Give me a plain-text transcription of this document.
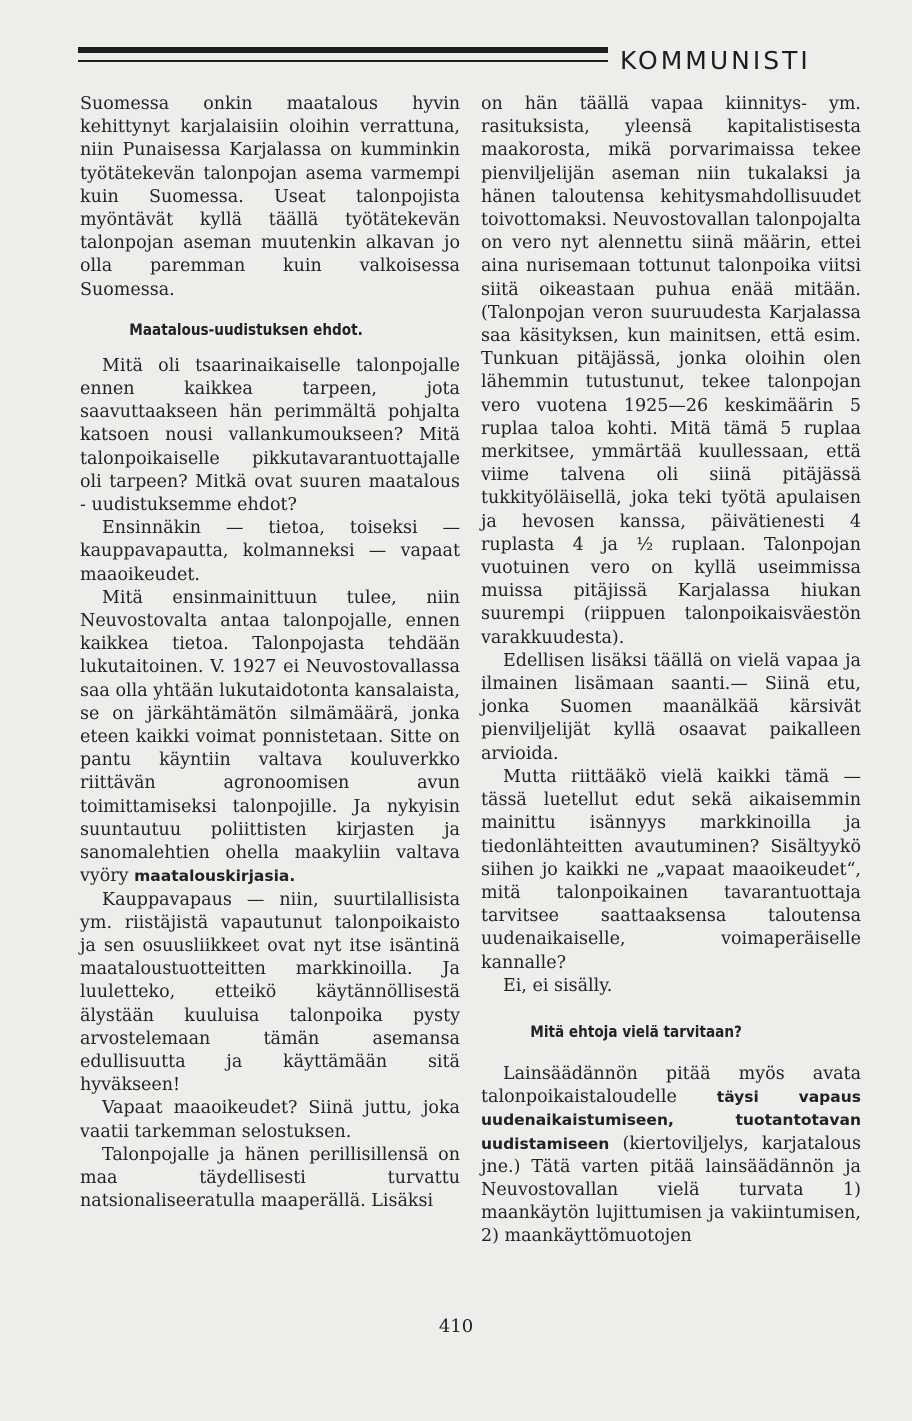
KOMMUNISTI

Suomessa onkin maatalous hyvin kehittynyt karjalaisiin oloihin verrattuna, niin Punaisessa Karjalassa on kumminkin työtätekevän talonpojan asema varmempi kuin Suomessa. Useat talonpojista myöntävät kyllä täällä työtätekevän talonpojan aseman muutenkin alkavan jo olla paremman kuin valkoisessa Suomessa.

Maatalous-uudistuksen ehdot.

Mitä oli tsaarinaikaiselle talonpojalle ennen kaikkea tarpeen, jota saavuttaakseen hän perimmältä pohjalta katsoen nousi vallankumoukseen? Mitä talonpoikaiselle pikkutavarantuottajalle oli tarpeen? Mitkä ovat suuren maatalous - uudistuksemme ehdot?

Ensinnäkin — tietoa, toiseksi — kauppavapautta, kolmanneksi — vapaat maaoikeudet.

Mitä ensinmainittuun tulee, niin Neuvostovalta antaa talonpojalle, ennen kaikkea tietoa. Talonpojasta tehdään lukutaitoinen. V. 1927 ei Neuvostovallassa saa olla yhtään lukutaidotonta kansalaista, se on järkähtämätön silmämäärä, jonka eteen kaikki voimat ponnistetaan. Sitte on pantu käyntiin valtava kouluverkko riittävän agronoomisen avun toimittamiseksi talonpojille. Ja nykyisin suuntautuu poliittisten kirjasten ja sanomalehtien ohella maakyliin valtava vyöry maatalouskirjasia.

Kauppavapaus — niin, suurtilallisista ym. riistäjistä vapautunut talonpoikaisto ja sen osuusliikkeet ovat nyt itse isäntinä maataloustuotteitten markkinoilla. Ja luuletteko, etteikö käytännöllisestä älystään kuuluisa talonpoika pysty arvostelemaan tämän asemansa edullisuutta ja käyttämään sitä hyväkseen!

Vapaat maaoikeudet? Siinä juttu, joka vaatii tarkemman selostuksen.

Talonpojalle ja hänen perillisillensä on maa täydellisesti turvattu natsionaliseeratulla maaperällä. Lisäksi

on hän täällä vapaa kiinnitys- ym. rasituksista, yleensä kapitalistisesta maakorosta, mikä porvarimaissa tekee pienviljelijän aseman niin tukalaksi ja hänen taloutensa kehitysmahdollisuudet toivottomaksi. Neuvostovallan talonpojalta on vero nyt alennettu siinä määrin, ettei aina nurisemaan tottunut talonpoika viitsi siitä oikeastaan puhua enää mitään. (Talonpojan veron suuruudesta Karjalassa saa käsityksen, kun mainitsen, että esim. Tunkuan pitäjässä, jonka oloihin olen lähemmin tutustunut, tekee talonpojan vero vuotena 1925—26 keskimäärin 5 ruplaa taloa kohti. Mitä tämä 5 ruplaa merkitsee, ymmärtää kuullessaan, että viime talvena oli siinä pitäjässä tukkityöläisellä, joka teki työtä apulaisen ja hevosen kanssa, päivätienesti 4 ruplasta 4 ja ½ ruplaan. Talonpojan vuotuinen vero on kyllä useimmissa muissa pitäjissä Karjalassa hiukan suurempi (riippuen talonpoikaisväestön varakkuudesta).

Edellisen lisäksi täällä on vielä vapaa ja ilmainen lisämaan saanti.— Siinä etu, jonka Suomen maanälkää kärsivät pienviljelijät kyllä osaavat paikalleen arvioida.

Mutta riittääkö vielä kaikki tämä — tässä luetellut edut sekä aikaisemmin mainittu isännyys markkinoilla ja tiedonlähteitten avautuminen? Sisältyykö siihen jo kaikki ne „vapaat maaoikeudet“, mitä talonpoikainen tavarantuottaja tarvitsee saattaaksensa taloutensa uudenaikaiselle, voimaperäiselle kannalle?

Ei, ei sisälly.

Mitä ehtoja vielä tarvitaan?

Lainsäädännön pitää myös avata talonpoikaistaloudelle	täysi vapaus uudenaikaistumiseen, tuotantotavan uudistamiseen (kiertoviljelys, karjatalous jne.) Tätä varten pitää lainsäädännön ja Neuvostovallan vielä turvata 1) maankäytön lujittumisen ja vakiintumisen, 2) maankäyttömuotojen

410
